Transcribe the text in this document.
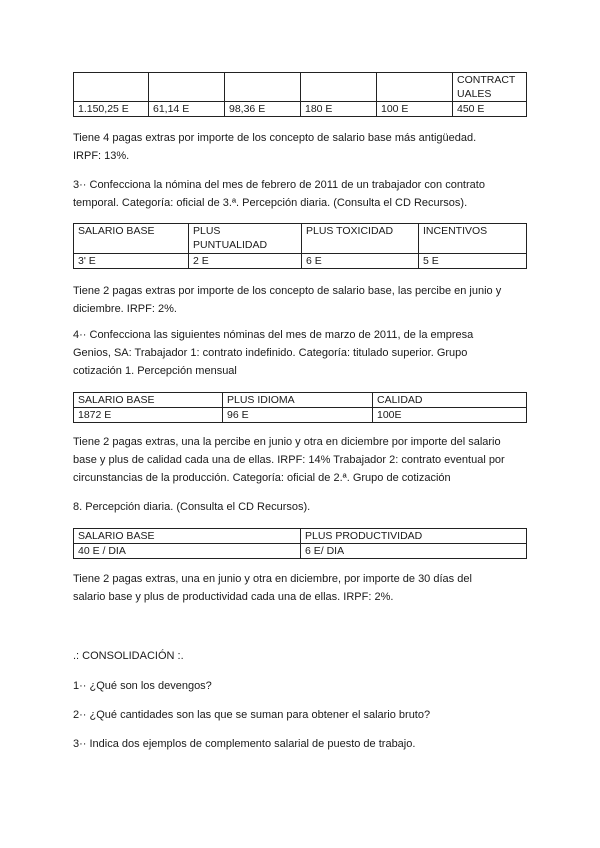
					CONTRACT
UALES

1.150,25 E	61,14 E	98,36 E	180 E	100 E	450 E

Tiene 4 pagas extras por importe de los concepto de salario base más antigüedad.
IRPF: 13%.

3·· Confecciona la nómina del mes de febrero de 2011 de un trabajador con contrato
temporal. Categoría: oficial de 3.ª. Percepción diaria. (Consulta el CD Recursos).

SALARIO BASE	PLUS
PUNTUALIDAD	PLUS TOXICIDAD	INCENTIVOS
3' E	2 E	6 E	5 E

Tiene 2 pagas extras por importe de los concepto de salario base, las percibe en junio y
diciembre. IRPF: 2%.

4·· Confecciona las siguientes nóminas del mes de marzo de 2011, de la empresa
Genios, SA: Trabajador 1: contrato indefinido. Categoría: titulado superior. Grupo
cotización 1. Percepción mensual

SALARIO BASE	PLUS IDIOMA	CALIDAD
1872 E	96 E	100E

Tiene 2 pagas extras, una la percibe en junio y otra en diciembre por importe del salario
base y plus de calidad cada una de ellas. IRPF: 14% Trabajador 2: contrato eventual por
circunstancias de la producción. Categoría: oficial de 2.ª. Grupo de cotización

8. Percepción diaria. (Consulta el CD Recursos).

SALARIO BASE	PLUS PRODUCTIVIDAD
40 E / DIA	6 E/ DIA

Tiene 2 pagas extras, una en junio y otra en diciembre, por importe de 30 días del
salario base y plus de productividad cada una de ellas. IRPF: 2%.

.: CONSOLIDACIÓN :.

1·· ¿Qué son los devengos?

2·· ¿Qué cantidades son las que se suman para obtener el salario bruto?

3·· Indica dos ejemplos de complemento salarial de puesto de trabajo.
